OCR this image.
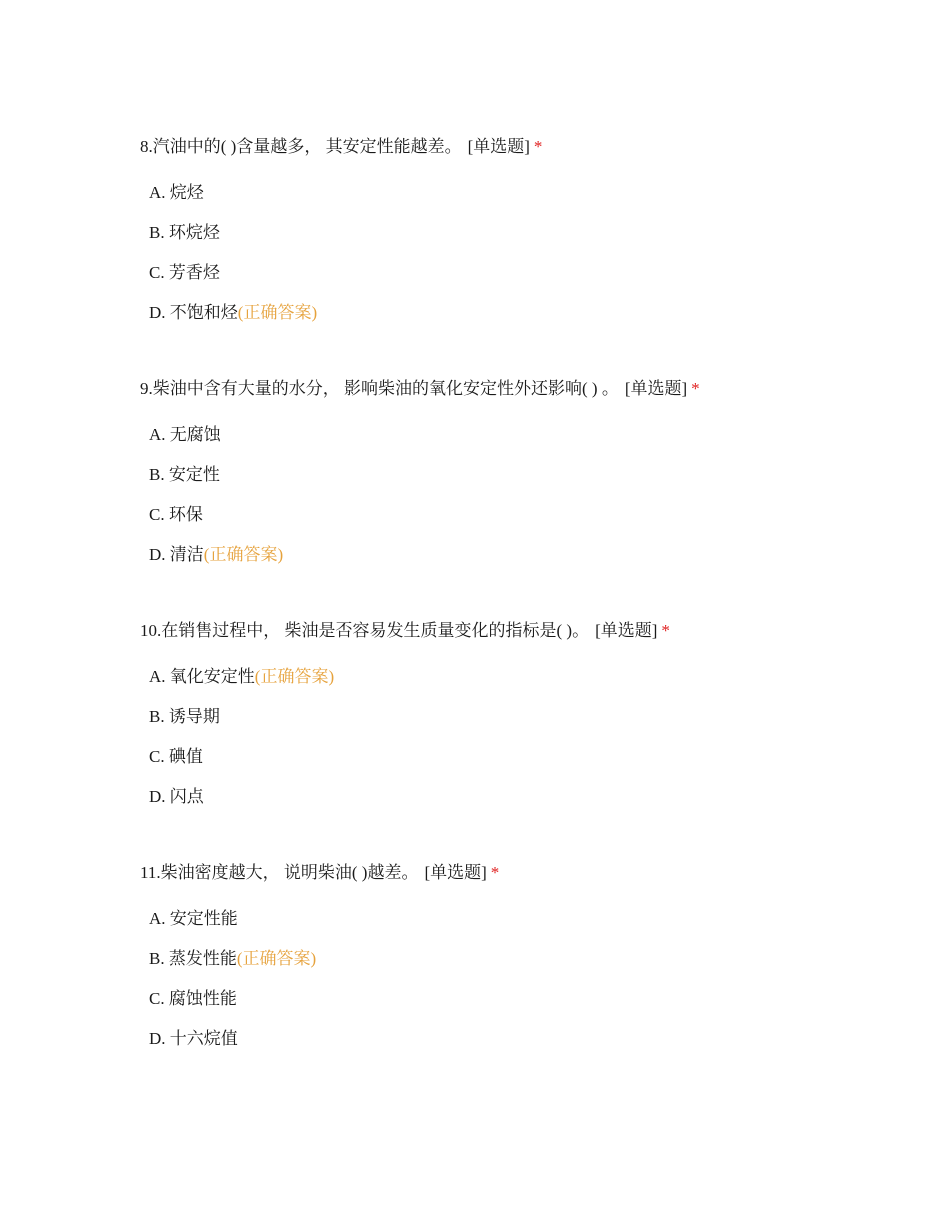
8.汽油中的( )含量越多， 其安定性能越差。 [单选题] *
A. 烷烃
B. 环烷烃
C. 芳香烃
D. 不饱和烃(正确答案)
9.柴油中含有大量的水分， 影响柴油的氧化安定性外还影响( ) 。 [单选题] *
A. 无腐蚀
B. 安定性
C. 环保
D. 清洁(正确答案)
10.在销售过程中， 柴油是否容易发生质量变化的指标是( )。 [单选题] *
A. 氧化安定性(正确答案)
B. 诱导期
C. 碘值
D. 闪点
11.柴油密度越大， 说明柴油( )越差。 [单选题] *
A. 安定性能
B. 蒸发性能(正确答案)
C. 腐蚀性能
D. 十六烷值
